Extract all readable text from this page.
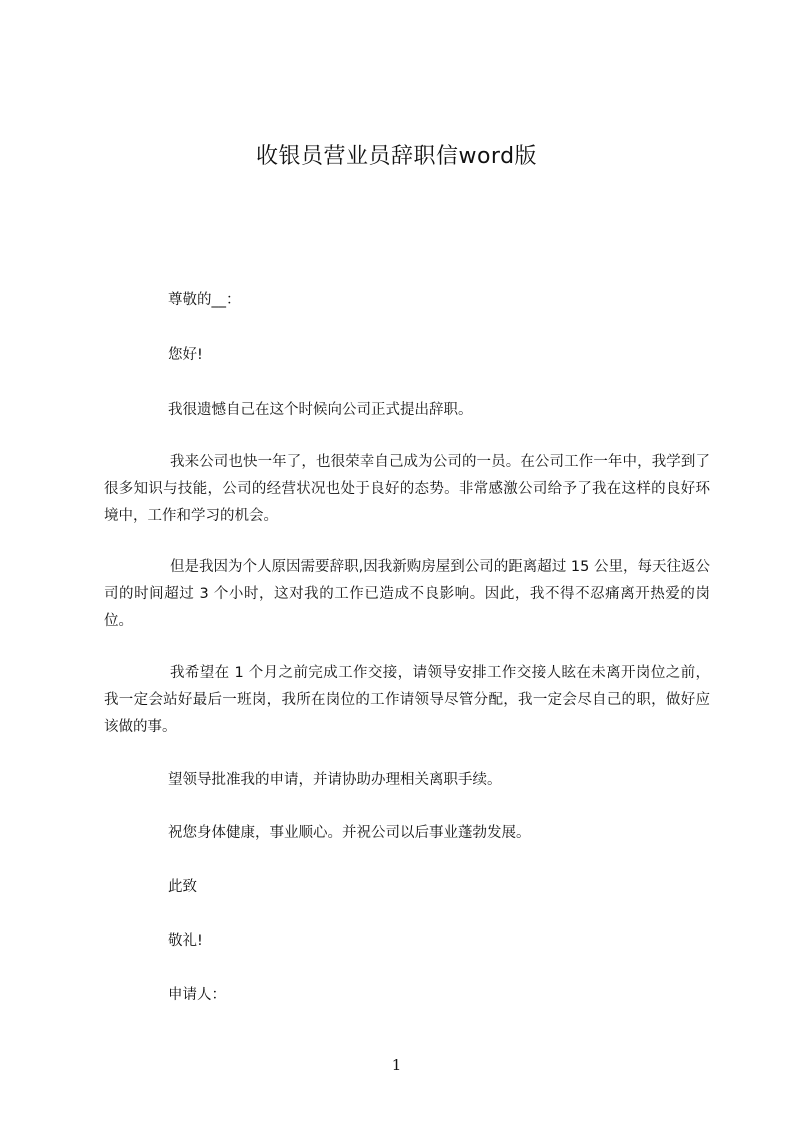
收银员营业员辞职信word版
尊敬的__：
您好!
我很遗憾自己在这个时候向公司正式提出辞职。
我来公司也快一年了，也很荣幸自己成为公司的一员。在公司工作一年中，我学到了很多知识与技能，公司的经营状况也处于良好的态势。非常感激公司给予了我在这样的良好环境中，工作和学习的机会。
但是我因为个人原因需要辞职,因我新购房屋到公司的距离超过 15 公里，每天往返公司的时间超过 3 个小时，这对我的工作已造成不良影响。因此，我不得不忍痛离开热爱的岗位。
我希望在 1 个月之前完成工作交接，请领导安排工作交接人眩在未离开岗位之前，我一定会站好最后一班岗，我所在岗位的工作请领导尽管分配，我一定会尽自己的职，做好应该做的事。
望领导批准我的申请，并请协助办理相关离职手续。
祝您身体健康，事业顺心。并祝公司以后事业蓬勃发展。
此致
敬礼!
申请人：
1
